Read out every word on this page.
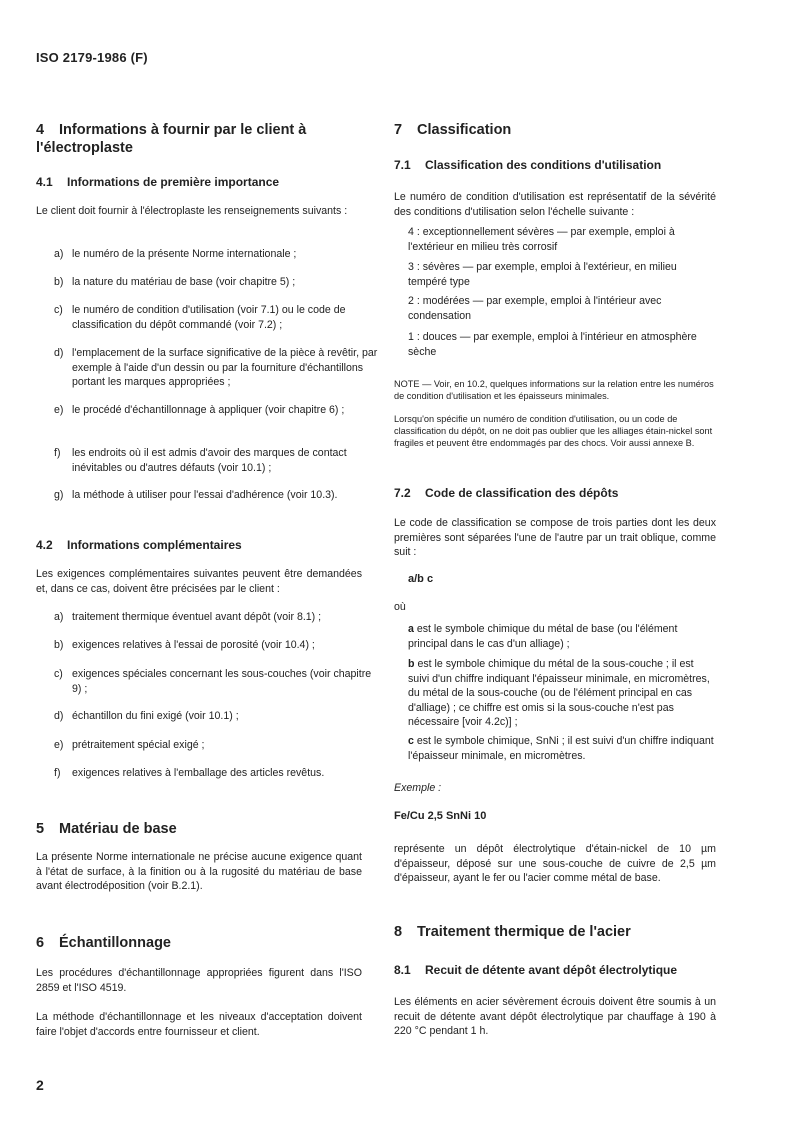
ISO 2179-1986 (F)
4 Informations à fournir par le client à l'électroplaste
4.1 Informations de première importance

Le client doit fournir à l'électroplaste les renseignements suivants :

a) le numéro de la présente Norme internationale ;

b) la nature du matériau de base (voir chapitre 5) ;

c) le numéro de condition d'utilisation (voir 7.1) ou le code de classification du dépôt commandé (voir 7.2) ;

d) l'emplacement de la surface significative de la pièce à revêtir, par exemple à l'aide d'un dessin ou par la fourniture d'échantillons portant les marques appropriées ;

e) le procédé d'échantillonnage à appliquer (voir chapitre 6) ;

f) les endroits où il est admis d'avoir des marques de contact inévitables ou d'autres défauts (voir 10.1) ;

g) la méthode à utiliser pour l'essai d'adhérence (voir 10.3).

4.2 Informations complémentaires

Les exigences complémentaires suivantes peuvent être demandées et, dans ce cas, doivent être précisées par le client :

a) traitement thermique éventuel avant dépôt (voir 8.1) ;

b) exigences relatives à l'essai de porosité (voir 10.4) ;

c) exigences spéciales concernant les sous-couches (voir chapitre 9) ;

d) échantillon du fini exigé (voir 10.1) ;

e) prétraitement spécial exigé ;

f) exigences relatives à l'emballage des articles revêtus.

5 Matériau de base

La présente Norme internationale ne précise aucune exigence quant à l'état de surface, à la finition ou à la rugosité du matériau de base avant électrodéposition (voir B.2.1).

6 Échantillonnage

Les procédures d'échantillonnage appropriées figurent dans l'ISO 2859 et l'ISO 4519.

La méthode d'échantillonnage et les niveaux d'acceptation doivent faire l'objet d'accords entre fournisseur et client.

7 Classification
7.1 Classification des conditions d'utilisation

Le numéro de condition d'utilisation est représentatif de la sévérité des conditions d'utilisation selon l'échelle suivante :

4 : exceptionnellement sévères — par exemple, emploi à l'extérieur en milieu très corrosif

3 : sévères — par exemple, emploi à l'extérieur, en milieu tempéré type

2 : modérées — par exemple, emploi à l'intérieur avec condensation

1 : douces — par exemple, emploi à l'intérieur en atmosphère sèche

NOTE — Voir, en 10.2, quelques informations sur la relation entre les numéros de condition d'utilisation et les épaisseurs minimales.

Lorsqu'on spécifie un numéro de condition d'utilisation, ou un code de classification du dépôt, on ne doit pas oublier que les alliages étain-nickel sont fragiles et peuvent être endommagés par des chocs. Voir aussi annexe B.

7.2 Code de classification des dépôts

Le code de classification se compose de trois parties dont les deux premières sont séparées l'une de l'autre par un trait oblique, comme suit :

a/b c
où

a est le symbole chimique du métal de base (ou l'élément principal dans le cas d'un alliage) ;

b est le symbole chimique du métal de la sous-couche ; il est suivi d'un chiffre indiquant l'épaisseur minimale, en micromètres, du métal de la sous-couche (ou de l'élément principal en cas d'alliage) ; ce chiffre est omis si la sous-couche n'est pas nécessaire [voir 4.2c)] ;

c est le symbole chimique, SnNi ; il est suivi d'un chiffre indiquant l'épaisseur minimale, en micromètres.

Exemple :
Fe/Cu 2,5 SnNi 10

représente un dépôt électrolytique d'étain-nickel de 10 µm d'épaisseur, déposé sur une sous-couche de cuivre de 2,5 µm d'épaisseur, ayant le fer ou l'acier comme métal de base.

8 Traitement thermique de l'acier
8.1 Recuit de détente avant dépôt électrolytique

Les éléments en acier sévèrement écrouis doivent être soumis à un recuit de détente avant dépôt électrolytique par chauffage à 190 à 220 °C pendant 1 h.

2
